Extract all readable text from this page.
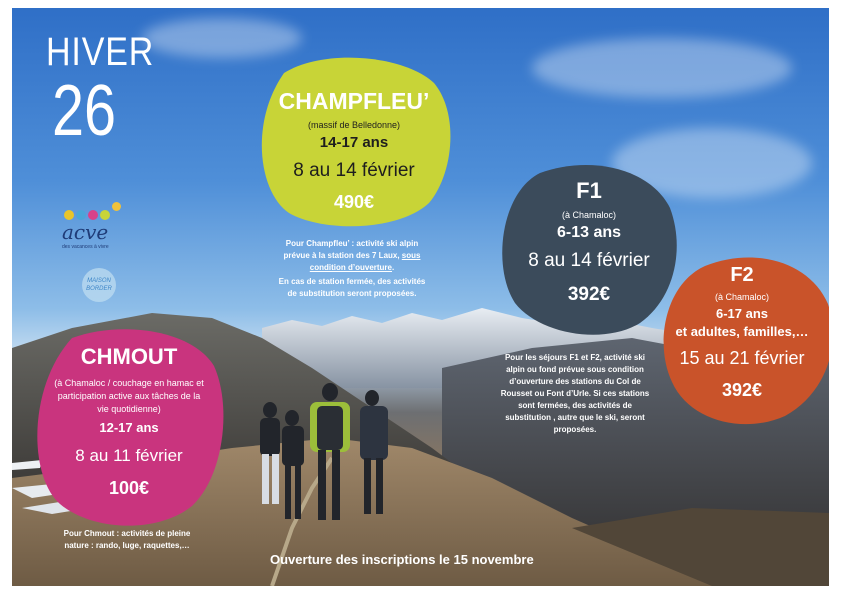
HIVER
26
acve
des vacances à vivre
MAISON BORDER
CHAMPFLEU’
(massif de Belledonne)
14-17 ans
8 au 14 février
490€
Pour Champfleu’ : activité ski alpin prévue à la station des 7 Laux, sous condition d’ouverture.
En cas de station fermée, des activités de substitution seront proposées.
F1
(à Chamaloc)
6-13 ans
8 au 14 février
392€
F2
(à Chamaloc)
6-17 ans
et adultes, familles,…
15 au 21 février
392€
Pour les séjours F1 et F2, activité ski alpin ou fond prévue sous condition d’ouverture des stations du Col de Rousset ou Font d’Urle. Si ces stations sont fermées, des activités de substitution , autre que le ski, seront proposées.
CHMOUT
(à Chamaloc / couchage en hamac et
participation active aux tâches de la
vie quotidienne)
12-17 ans
8 au 11 février
100€
Pour Chmout : activités de pleine nature : rando, luge, raquettes,…
Ouverture des inscriptions le 15 novembre
